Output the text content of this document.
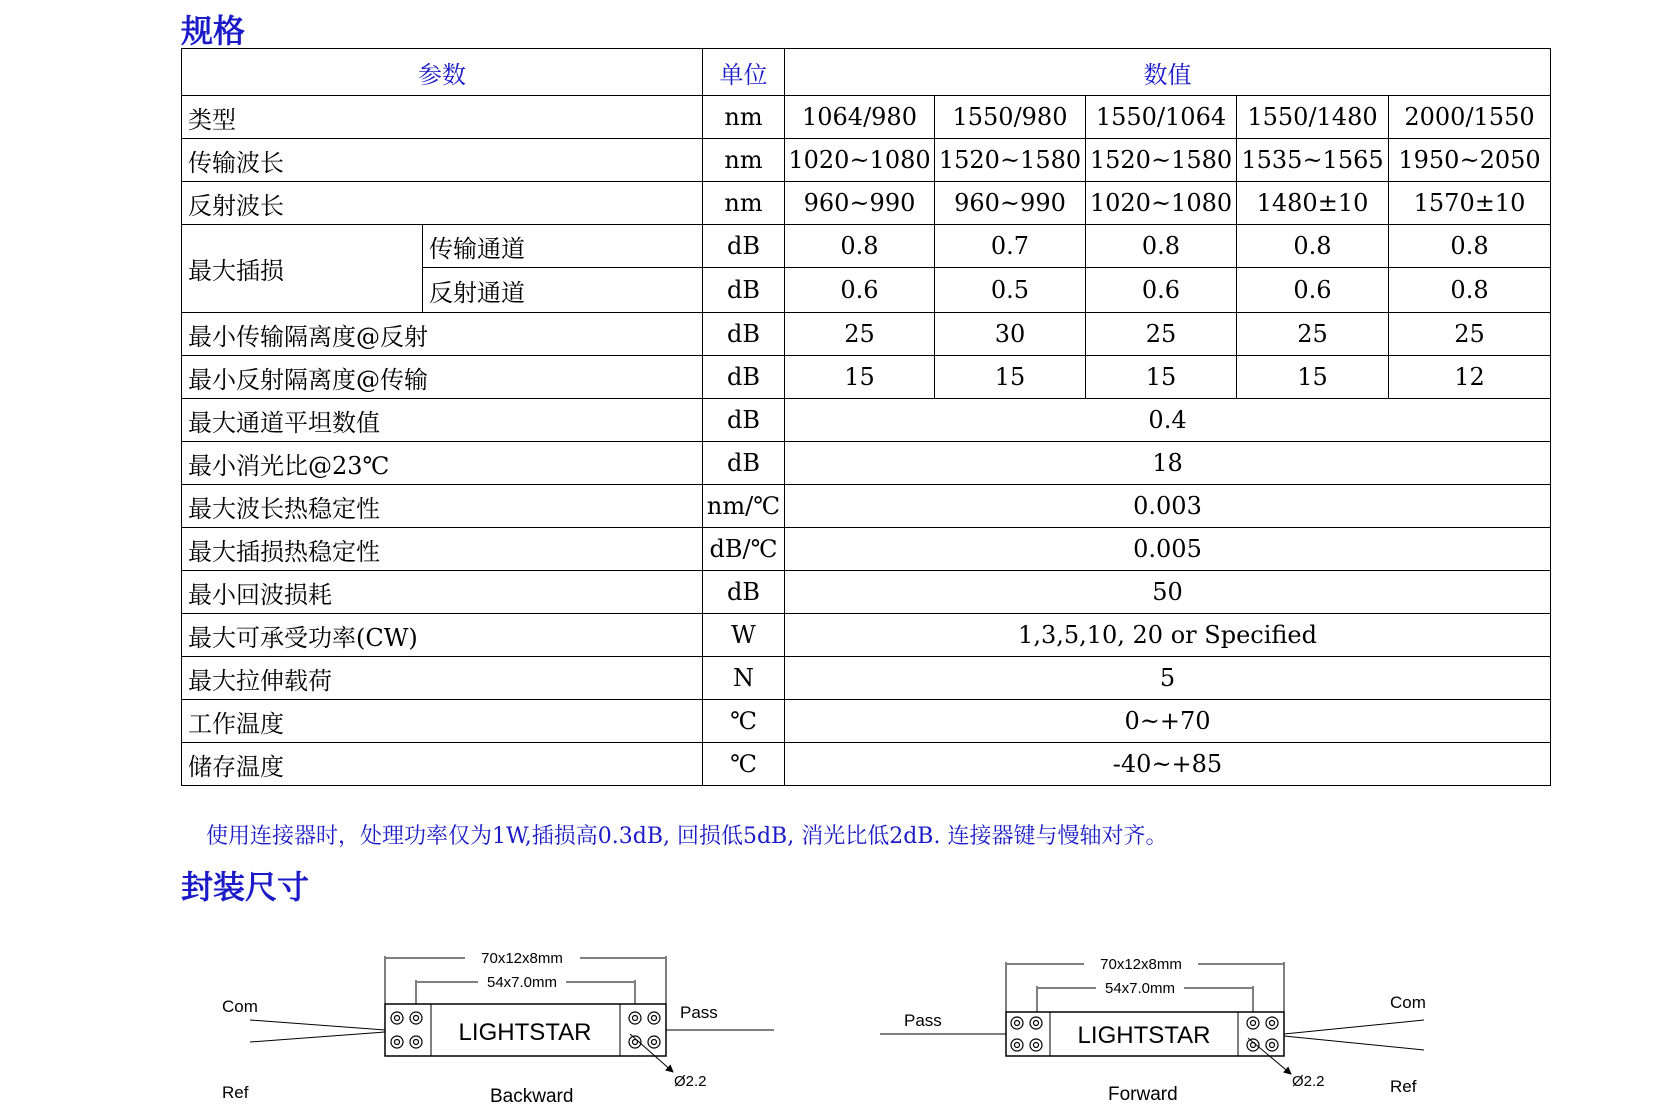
规格
参数		单位	数值				
类型		nm	1064/980	1550/980	1550/1064	1550/1480	2000/1550
传输波长		nm	1020~1080	1520~1580	1520~1580	1535~1565	1950~2050
反射波长		nm	960~990	960~990	1020~1080	1480±10	1570±10
最大插损	传输通道	dB	0.8	0.7	0.8	0.8	0.8
	反射通道	dB	0.6	0.5	0.6	0.6	0.8
最小传输隔离度@反射		dB	25	30	25	25	25
最小反射隔离度@传输		dB	15	15	15	15	12
最大通道平坦数值		dB	0.4				
最小消光比@23℃		dB	18				
最大波长热稳定性		nm/℃	0.003				
最大插损热稳定性		dB/℃	0.005				
最小回波损耗		dB	50				
最大可承受功率(CW)		W	1,3,5,10, 20 or Specified				
最大拉伸载荷		N	5				
工作温度		℃	0~+70				
储存温度		℃	-40~+85				

使用连接器时，处理功率仅为1W,插损高0.3dB, 回损低5dB, 消光比低2dB. 连接器键与慢轴对齐。

封装尺寸
70x12x8mm
54x7.0mm
LIGHTSTAR
Com
Ref
Pass
Ø2.2
Backward
70x12x8mm
54x7.0mm
LIGHTSTAR
Pass
Com
Ref
Ø2.2
Forward
